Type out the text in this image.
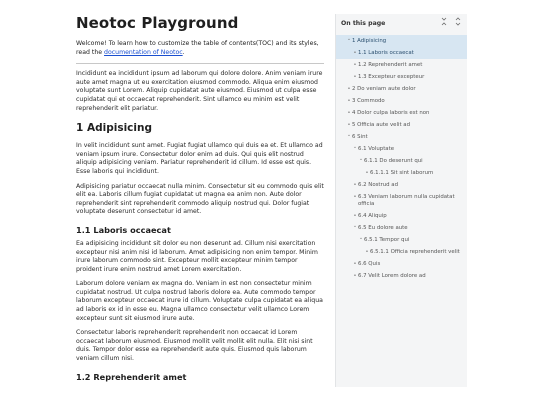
Neotoc Playground

Welcome! To learn how to customize the table of contents(TOC) and its styles, read the documentation of Neotoc.

Incididunt ea incididunt ipsum ad laborum qui dolore dolore. Anim veniam irure aute amet magna ut eu exercitation eiusmod commodo. Aliqua enim eiusmod voluptate sunt Lorem. Aliquip cupidatat aute eiusmod. Eiusmod ut culpa esse cupidatat qui et occaecat reprehenderit. Sint ullamco eu minim est velit reprehenderit elit pariatur.

1 Adipisicing

In velit incididunt sunt amet. Fugiat fugiat ullamco qui duis ea et. Et ullamco ad veniam ipsum irure. Consectetur dolor enim ad duis. Qui quis elit nostrud aliquip adipisicing veniam. Pariatur reprehenderit id cillum. Id esse est quis. Esse laboris qui incididunt.

Adipisicing pariatur occaecat nulla minim. Consectetur sit eu commodo quis elit elit ea. Laboris cillum fugiat cupidatat ut magna ea anim non. Aute dolor reprehenderit sint reprehenderit commodo aliquip nostrud qui. Dolor fugiat voluptate deserunt consectetur id amet.

1.1 Laboris occaecat

Ea adipisicing incididunt sit dolor eu non deserunt ad. Cillum nisi exercitation excepteur nisi anim nisi id laborum. Amet adipisicing non enim tempor. Minim irure laborum commodo sint. Excepteur mollit excepteur minim tempor proident irure enim nostrud amet Lorem exercitation.

Laborum dolore veniam ex magna do. Veniam in est non consectetur minim cupidatat nostrud. Ut culpa nostrud laboris dolore ea. Aute commodo tempor laborum excepteur occaecat irure id cillum. Voluptate culpa cupidatat ea aliqua ad laboris ex id in esse eu. Magna ullamco consectetur velit ullamco Lorem excepteur sunt sit eiusmod irure aute.

Consectetur laboris reprehenderit reprehenderit non occaecat id Lorem occaecat laborum eiusmod. Eiusmod mollit velit mollit elit nulla. Elit nisi sint duis. Tempor dolor esse ea reprehenderit aute quis. Eiusmod quis laborum veniam cillum nisi.

1.2 Reprehenderit amet
On this page
⌄ 1 Adipisicing
• 1.1 Laboris occaecat
• 1.2 Reprehenderit amet
• 1.3 Excepteur excepteur
• 2 Do veniam aute dolor
• 3 Commodo
• 4 Dolor culpa laboris est non
• 5 Officia aute velit ad
⌄ 6 Sint
⌄ 6.1 Voluptate
⌄ 6.1.1 Do deserunt qui
• 6.1.1.1 Sit sint laborum
• 6.2 Nostrud ad
• 6.3 Veniam laborum nulla cupidatat officia
• 6.4 Aliquip
⌄ 6.5 Eu dolore aute
⌄ 6.5.1 Tempor qui
• 6.5.1.1 Officia reprehenderit velit
• 6.6 Quis
• 6.7 Velit Lorem dolore ad
